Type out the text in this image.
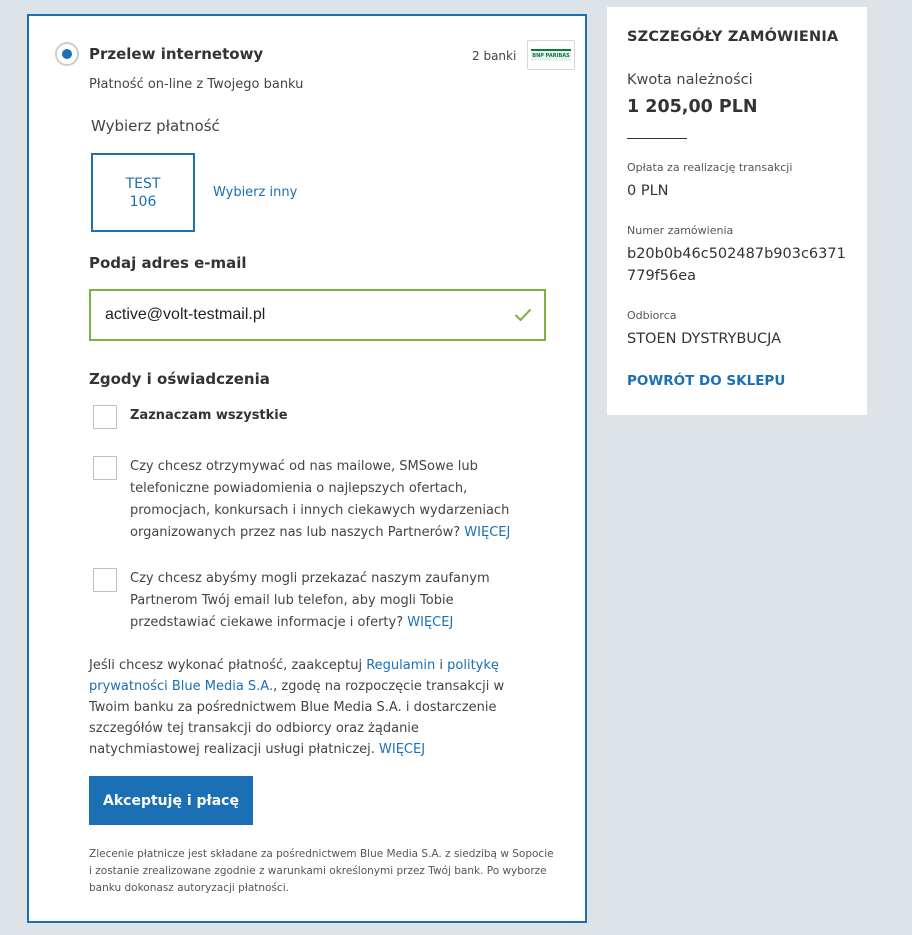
Przelew internetowy
Płatność on-line z Twojego banku
2 banki	BNP PARIBAS
Wybierz płatność
TEST
106
Wybierz inny
Podaj adres e-mail
active@volt-testmail.pl
Zgody i oświadczenia
Zaznaczam wszystkie
Czy chcesz otrzymywać od nas mailowe, SMSowe lub telefoniczne powiadomienia o najlepszych ofertach, promocjach, konkursach i innych ciekawych wydarzeniach organizowanych przez nas lub naszych Partnerów? WIĘCEJ
Czy chcesz abyśmy mogli przekazać naszym zaufanym Partnerom Twój email lub telefon, aby mogli Tobie przedstawiać ciekawe informacje i oferty? WIĘCEJ
Jeśli chcesz wykonać płatność, zaakceptuj Regulamin i politykę prywatności Blue Media S.A., zgodę na rozpoczęcie transakcji w Twoim banku za pośrednictwem Blue Media S.A. i dostarczenie szczegółów tej transakcji do odbiorcy oraz żądanie natychmiastowej realizacji usługi płatniczej. WIĘCEJ
Akceptuję i płacę
Zlecenie płatnicze jest składane za pośrednictwem Blue Media S.A. z siedzibą w Sopocie i zostanie zrealizowane zgodnie z warunkami określonymi przez Twój bank. Po wyborze banku dokonasz autoryzacji płatności.
SZCZEGÓŁY ZAMÓWIENIA
Kwota należności
1 205,00 PLN
Opłata za realizację transakcji
0 PLN
Numer zamówienia
b20b0b46c502487b903c6371779f56ea
Odbiorca
STOEN DYSTRYBUCJA
POWRÓT DO SKLEPU
